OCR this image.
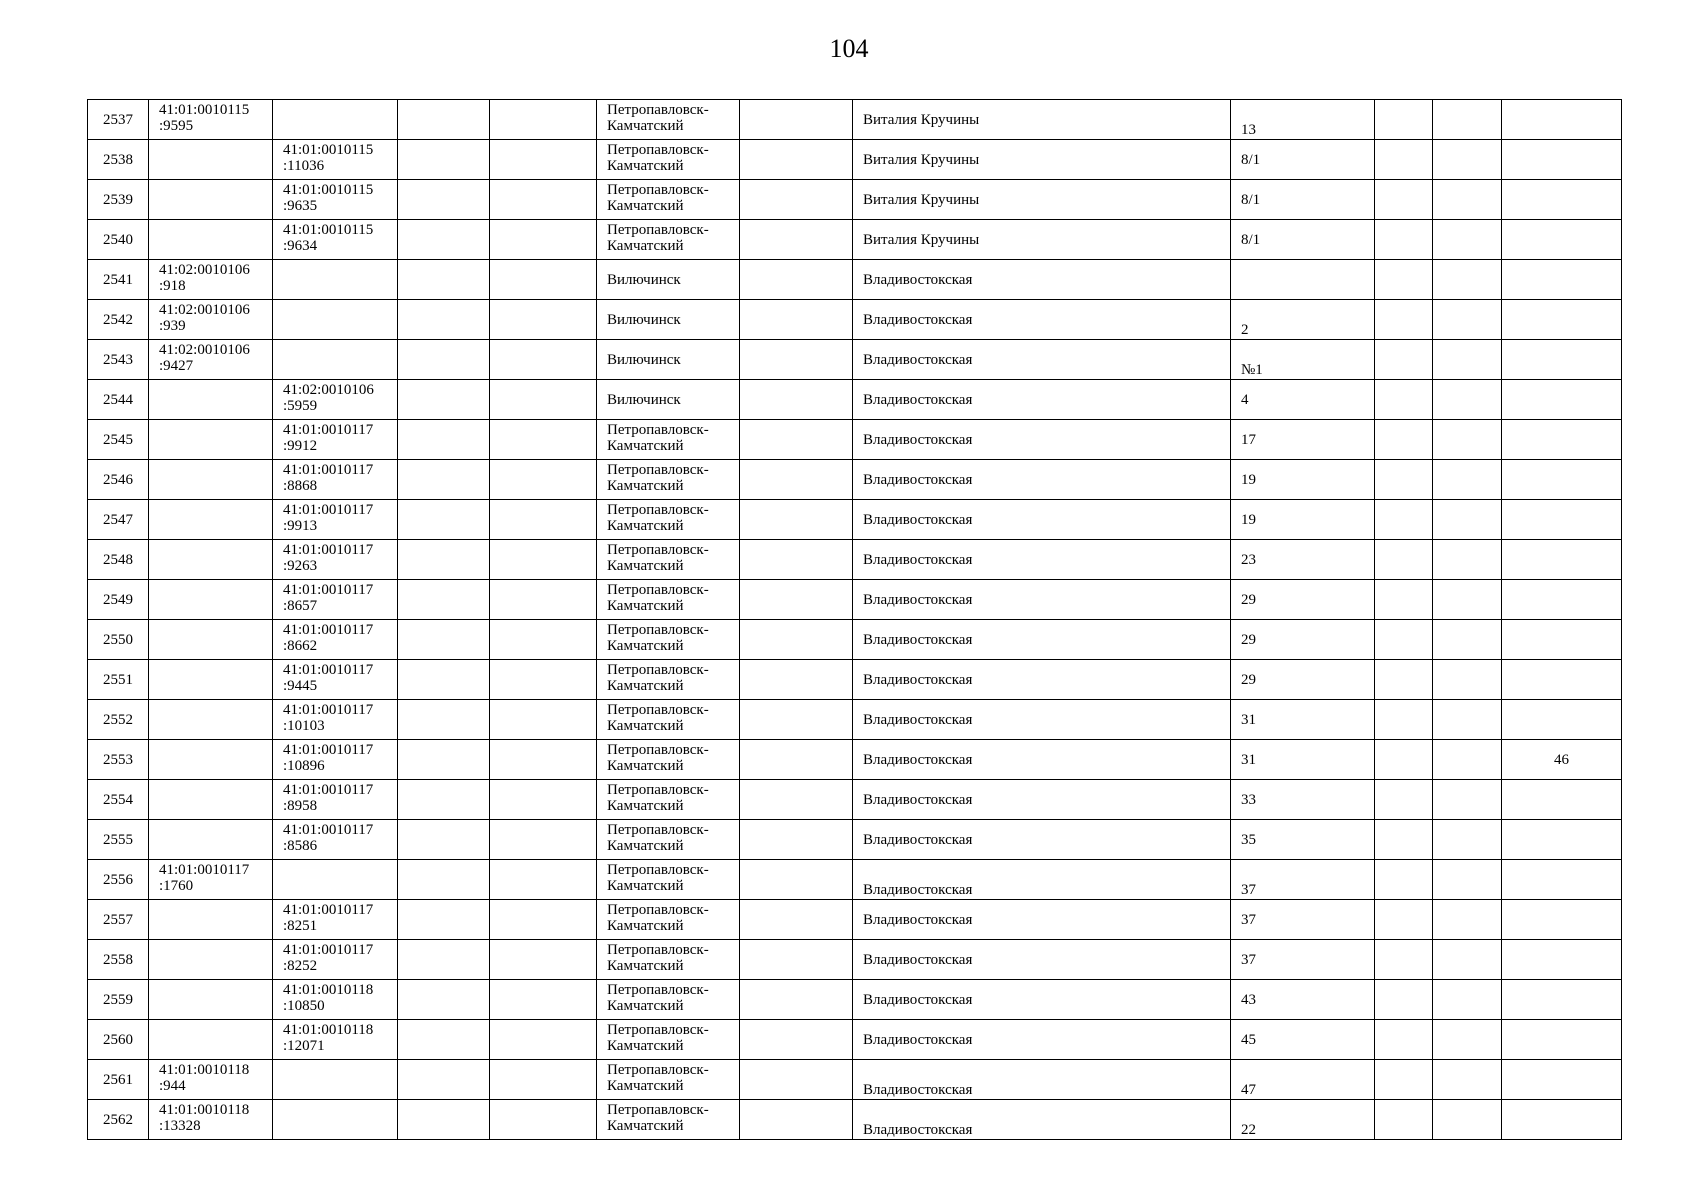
104
2537	41:01:0010115
:9595				Петропавловск-
Камчатский		Виталия Кручины	13			
2538		41:01:0010115
:11036			Петропавловск-
Камчатский		Виталия Кручины	8/1			
2539		41:01:0010115
:9635			Петропавловск-
Камчатский		Виталия Кручины	8/1			
2540		41:01:0010115
:9634			Петропавловск-
Камчатский		Виталия Кручины	8/1			
2541	41:02:0010106
:918				Вилючинск		Владивостокская				
2542	41:02:0010106
:939				Вилючинск		Владивостокская	2			
2543	41:02:0010106
:9427				Вилючинск		Владивостокская	№1			
2544		41:02:0010106
:5959			Вилючинск		Владивостокская	4			
2545		41:01:0010117
:9912			Петропавловск-
Камчатский		Владивостокская	17			
2546		41:01:0010117
:8868			Петропавловск-
Камчатский		Владивостокская	19			
2547		41:01:0010117
:9913			Петропавловск-
Камчатский		Владивостокская	19			
2548		41:01:0010117
:9263			Петропавловск-
Камчатский		Владивостокская	23			
2549		41:01:0010117
:8657			Петропавловск-
Камчатский		Владивостокская	29			
2550		41:01:0010117
:8662			Петропавловск-
Камчатский		Владивостокская	29			
2551		41:01:0010117
:9445			Петропавловск-
Камчатский		Владивостокская	29			
2552		41:01:0010117
:10103			Петропавловск-
Камчатский		Владивостокская	31			
2553		41:01:0010117
:10896			Петропавловск-
Камчатский		Владивостокская	31			46
2554		41:01:0010117
:8958			Петропавловск-
Камчатский		Владивостокская	33			
2555		41:01:0010117
:8586			Петропавловск-
Камчатский		Владивостокская	35			
2556	41:01:0010117
:1760				Петропавловск-
Камчатский		Владивостокская	37			
2557		41:01:0010117
:8251			Петропавловск-
Камчатский		Владивостокская	37			
2558		41:01:0010117
:8252			Петропавловск-
Камчатский		Владивостокская	37			
2559		41:01:0010118
:10850			Петропавловск-
Камчатский		Владивостокская	43			
2560		41:01:0010118
:12071			Петропавловск-
Камчатский		Владивостокская	45			
2561	41:01:0010118
:944				Петропавловск-
Камчатский		Владивостокская	47			
2562	41:01:0010118
:13328				Петропавловск-
Камчатский		Владивостокская	22			
